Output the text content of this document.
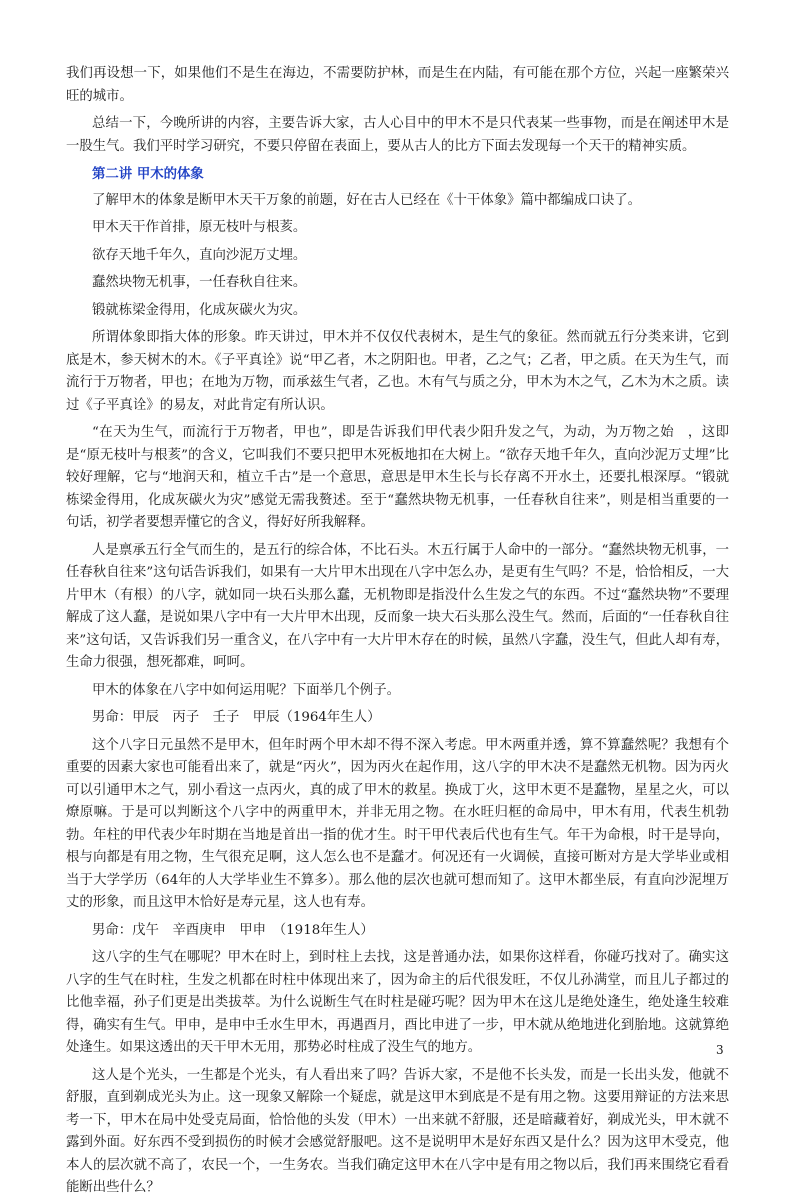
我们再设想一下，如果他们不是生在海边，不需要防护林，而是生在内陆，有可能在那个方位，兴起一座繁荣兴旺的城市。

总结一下，今晚所讲的内容，主要告诉大家，古人心目中的甲木不是只代表某一些事物，而是在阐述甲木是一股生气。我们平时学习研究，不要只停留在表面上，要从古人的比方下面去发现每一个天干的精神实质。

第二讲 甲木的体象

了解甲木的体象是断甲木天干万象的前题，好在古人已经在《十干体象》篇中都编成口诀了。

甲木天干作首排，原无枝叶与根荄。

欲存天地千年久，直向沙泥万丈埋。

蠢然块物无机事，一任春秋自往来。

锻就栋梁金得用，化成灰碳火为灾。

所谓体象即指大体的形象。昨天讲过，甲木并不仅仅代表树木，是生气的象征。然而就五行分类来讲，它到底是木，参天树木的木。《子平真诠》说“甲乙者，木之阴阳也。甲者，乙之气；乙者，甲之质。在天为生气，而流行于万物者，甲也；在地为万物，而承兹生气者，乙也。木有气与质之分，甲木为木之气，乙木为木之质。读过《子平真诠》的易友，对此肯定有所认识。

“在天为生气，而流行于万物者，甲也”，即是告诉我们甲代表少阳升发之气，为动，为万物之始　，这即是“原无枝叶与根荄”的含义，它叫我们不要只把甲木死板地扣在大树上。“欲存天地千年久，直向沙泥万丈埋”比较好理解，它与“地润天和，植立千古”是一个意思，意思是甲木生长与长存离不开水土，还要扎根深厚。“锻就栋梁金得用，化成灰碳火为灾”感觉无需我赘述。至于“蠢然块物无机事，一任春秋自往来”，则是相当重要的一句话，初学者要想弄懂它的含义，得好好所我解释。

人是禀承五行全气而生的，是五行的综合体，不比石头。木五行属于人命中的一部分。“蠢然块物无机事，一任春秋自往来”这句话告诉我们，如果有一大片甲木出现在八字中怎么办，是更有生气吗？不是，恰恰相反，一大片甲木（有根）的八字，就如同一块石头那么蠢，无机物即是指没什么生发之气的东西。不过“蠢然块物”不要理解成了这人蠢，是说如果八字中有一大片甲木出现，反而象一块大石头那么没生气。然而，后面的“一任春秋自往来”这句话，又告诉我们另一重含义，在八字中有一大片甲木存在的时候，虽然八字蠢，没生气，但此人却有寿，生命力很强，想死都难，呵呵。

甲木的体象在八字中如何运用呢？下面举几个例子。

男命：甲辰　丙子　壬子　甲辰（1964年生人）

这个八字日元虽然不是甲木，但年时两个甲木却不得不深入考虑。甲木两重并透，算不算蠢然呢？我想有个重要的因素大家也可能看出来了，就是“丙火”，因为丙火在起作用，这八字的甲木决不是蠢然无机物。因为丙火可以引通甲木之气，别小看这一点丙火，真的成了甲木的救星。换成丁火，这甲木更不是蠢物，星星之火，可以燎原嘛。于是可以判断这个八字中的两重甲木，并非无用之物。在水旺归框的命局中，甲木有用，代表生机勃勃。年柱的甲代表少年时期在当地是首出一指的优才生。时干甲代表后代也有生气。年干为命根，时干是导向，根与向都是有用之物，生气很充足啊，这人怎么也不是蠢才。何况还有一火调候，直接可断对方是大学毕业或相当于大学学历（64年的人大学毕业生不算多）。那么他的层次也就可想而知了。这甲木都坐辰，有直向沙泥埋万丈的形象，而且这甲木恰好是寿元星，这人也有寿。

男命：戊午　辛酉庚申　甲申　（1918年生人）

这八字的生气在哪呢？甲木在时上，到时柱上去找，这是普通办法，如果你这样看，你碰巧找对了。确实这八字的生气在时柱，生发之机都在时柱中体现出来了，因为命主的后代很发旺，不仅儿孙满堂，而且儿子都过的比他幸福，孙子们更是出类拔萃。为什么说断生气在时柱是碰巧呢？因为甲木在这儿是绝处逢生，绝处逢生较难得，确实有生气。甲申，是申中壬水生甲木，再遇酉月，酉比申进了一步，甲木就从绝地进化到胎地。这就算绝处逢生。如果这透出的天干甲木无用，那势必时柱成了没生气的地方。

这人是个光头，一生都是个光头，有人看出来了吗？告诉大家，不是他不长头发，而是一长出头发，他就不舒服，直到剃成光头为止。这一现象又解除一个疑虑，就是这甲木到底是不是有用之物。这要用辩证的方法来思考一下，甲木在局中处受克局面，恰恰他的头发（甲木）一出来就不舒服，还是暗藏着好，剃成光头，甲木就不露到外面。好东西不受到损伤的时候才会感觉舒服吧。这不是说明甲木是好东西又是什么？因为这甲木受克，他本人的层次就不高了，农民一个，一生务农。当我们确定这甲木在八字中是有用之物以后，我们再来围绕它看看能断出些什么？

3
